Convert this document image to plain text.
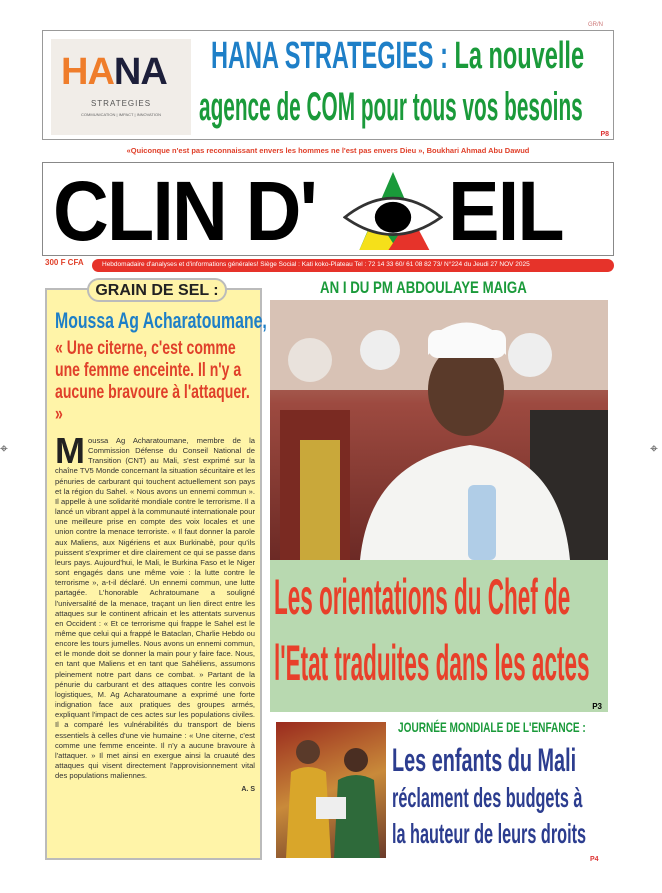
GR/N
HANA
STRATEGIES
COMMUNICATION | IMPACT | INNOVATION
HANA STRATEGIES : La nouvelle
agence de COM pour tous vos besoins
P8
«Quiconque n'est pas reconnaissant envers les hommes ne l'est pas envers Dieu », Boukhari Ahmad Abu Dawud
CLIN D' EIL
300 F CFA	Hebdomadaire d'analyses et d'informations générales! Siège Social : Kati koko-Plateau Tel : 72 14 33 60/ 61 08 82 73/ N°224 du Jeudi 27 NOV 2025
GRAIN DE SEL :
Moussa Ag Acharatoumane,
« Une citerne, c'est comme une femme enceinte. Il n'y a aucune bravoure à l'attaquer. »
Moussa Ag Acharatoumane, membre de la Commission Défense du Conseil National de Transition (CNT) au Mali, s'est exprimé sur la chaîne TV5 Monde concernant la situation sécuritaire et les pénuries de carburant qui touchent actuellement son pays et la région du Sahel. « Nous avons un ennemi commun ». Il appelle à une solidarité mondiale contre le terrorisme. Il a lancé un vibrant appel à la communauté internationale pour une meilleure prise en compte des voix locales et une union contre la menace terroriste. « Il faut donner la parole aux Maliens, aux Nigériens et aux Burkinabè, pour qu'ils puissent s'exprimer et dire clairement ce qui se passe dans leurs pays. Aujourd'hui, le Mali, le Burkina Faso et le Niger sont engagés dans une même voie : la lutte contre le terrorisme », a-t-il déclaré. Un ennemi commun, une lutte partagée. L'honorable Achratoumane a souligné l'universalité de la menace, traçant un lien direct entre les attaques sur le continent africain et les attentats survenus en Occident : « Et ce terrorisme qui frappe le Sahel est le même que celui qui a frappé le Bataclan, Charlie Hebdo ou encore les tours jumelles. Nous avons un ennemi commun, et le monde doit se donner la main pour y faire face. Nous, en tant que Maliens et en tant que Sahéliens, assumons pleinement notre part dans ce combat. » Partant de la pénurie du carburant et des attaques contre les convois logistiques, M. Ag Acharatoumane a exprimé une forte indignation face aux pratiques des groupes armés, expliquant l'impact de ces actes sur les populations civiles. Il a comparé les vulnérabilités du transport de biens essentiels à celles d'une vie humaine : « Une citerne, c'est comme une femme enceinte. Il n'y a aucune bravoure à l'attaquer. » Il met ainsi en exergue ainsi la cruauté des attaques qui visent directement l'approvisionnement vital des populations maliennes.
A. S
AN I DU PM ABDOULAYE MAIGA
Les orientations du Chef de
l'Etat traduites dans les actes
P3
JOURNÉE MONDIALE DE L'ENFANCE :
Les enfants du Mali
réclament des budgets à
la hauteur de leurs droits
P4
⌖	⌖
